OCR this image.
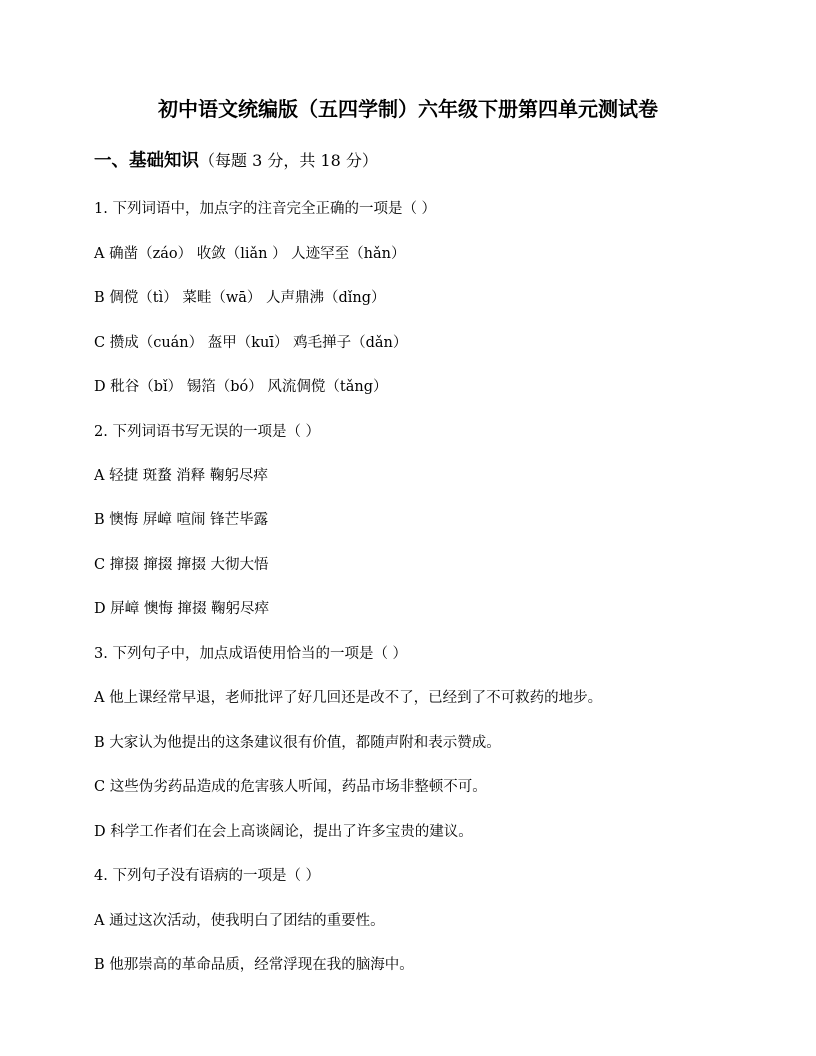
初中语文统编版（五四学制）六年级下册第四单元测试卷
一、基础知识（每题 3 分，共 18 分）
1. 下列词语中，加点字的注音完全正确的一项是（ ）
A 确凿（záo） 收敛（liǎn ） 人迹罕至（hǎn）
B 倜傥（tì） 菜畦（wā） 人声鼎沸（dǐng）
C 攒成（cuán） 盔甲（kuī） 鸡毛掸子（dǎn）
D 秕谷（bǐ） 锡箔（bó） 风流倜傥（tǎng）
2. 下列词语书写无误的一项是（ ）
A 轻捷 斑蝥 消释 鞠躬尽瘁
B 懊悔 屏嶂 喧闹 锋芒毕露
C 撺掇 撺掇 撺掇 大彻大悟
D 屏嶂 懊悔 撺掇 鞠躬尽瘁
3. 下列句子中，加点成语使用恰当的一项是（ ）
A 他上课经常早退，老师批评了好几回还是改不了，已经到了不可救药的地步。
B 大家认为他提出的这条建议很有价值，都随声附和表示赞成。
C 这些伪劣药品造成的危害骇人听闻，药品市场非整顿不可。
D 科学工作者们在会上高谈阔论，提出了许多宝贵的建议。
4. 下列句子没有语病的一项是（ ）
A 通过这次活动，使我明白了团结的重要性。
B 他那崇高的革命品质，经常浮现在我的脑海中。
